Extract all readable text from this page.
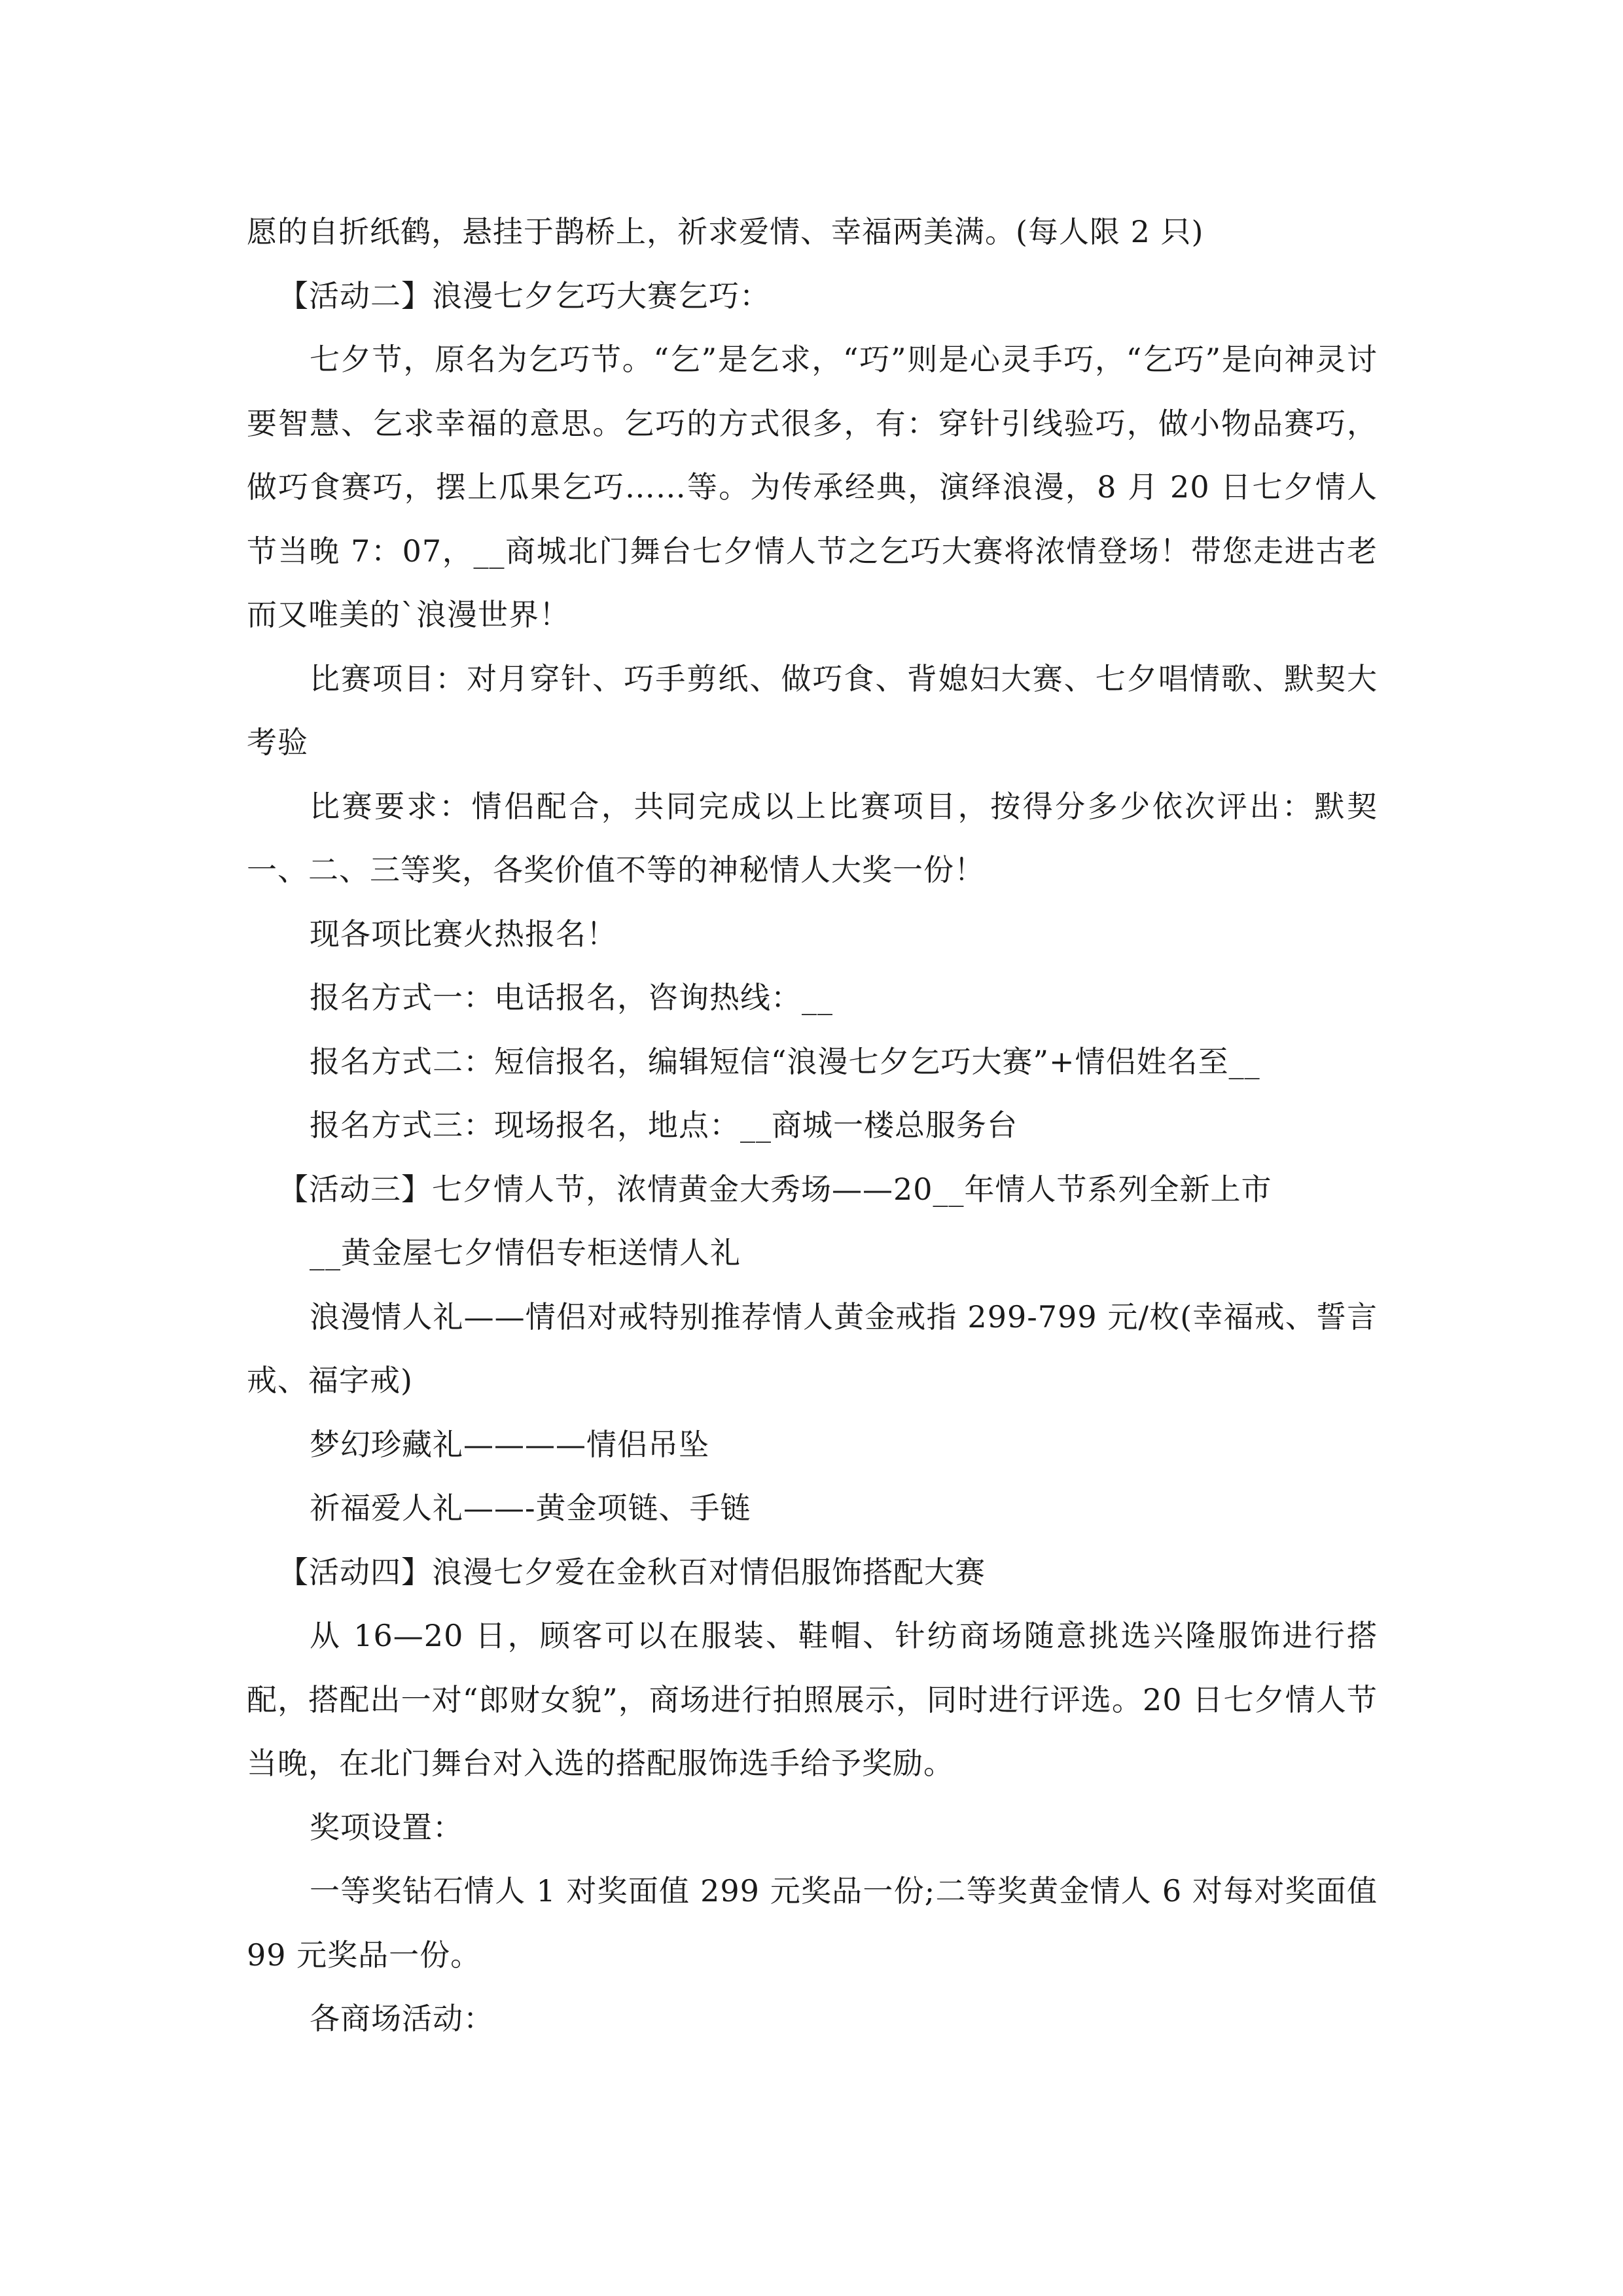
愿的自折纸鹤，悬挂于鹊桥上，祈求爱情、幸福两美满。(每人限 2 只)

【活动二】浪漫七夕乞巧大赛乞巧：

七夕节，原名为乞巧节。“乞”是乞求，“巧”则是心灵手巧，“乞巧”是向神灵讨要智慧、乞求幸福的意思。乞巧的方式很多，有：穿针引线验巧，做小物品赛巧，做巧食赛巧，摆上瓜果乞巧……等。为传承经典，演绎浪漫，8 月 20 日七夕情人节当晚 7：07，__商城北门舞台七夕情人节之乞巧大赛将浓情登场！带您走进古老而又唯美的`浪漫世界！

比赛项目：对月穿针、巧手剪纸、做巧食、背媳妇大赛、七夕唱情歌、默契大考验

比赛要求：情侣配合，共同完成以上比赛项目，按得分多少依次评出：默契一、二、三等奖，各奖价值不等的神秘情人大奖一份！

现各项比赛火热报名！

报名方式一：电话报名，咨询热线：__

报名方式二：短信报名，编辑短信“浪漫七夕乞巧大赛”+情侣姓名至__

报名方式三：现场报名，地点：__商城一楼总服务台

【活动三】七夕情人节，浓情黄金大秀场——20__年情人节系列全新上市

__黄金屋七夕情侣专柜送情人礼

浪漫情人礼——情侣对戒特别推荐情人黄金戒指 299-799 元/枚(幸福戒、誓言戒、福字戒)

梦幻珍藏礼————情侣吊坠

祈福爱人礼——-黄金项链、手链

【活动四】浪漫七夕爱在金秋百对情侣服饰搭配大赛

从 16—20 日，顾客可以在服装、鞋帽、针纺商场随意挑选兴隆服饰进行搭配，搭配出一对“郎财女貌”，商场进行拍照展示，同时进行评选。20 日七夕情人节当晚，在北门舞台对入选的搭配服饰选手给予奖励。

奖项设置：

一等奖钻石情人 1 对奖面值 299 元奖品一份;二等奖黄金情人 6 对每对奖面值 99 元奖品一份。

各商场活动：
